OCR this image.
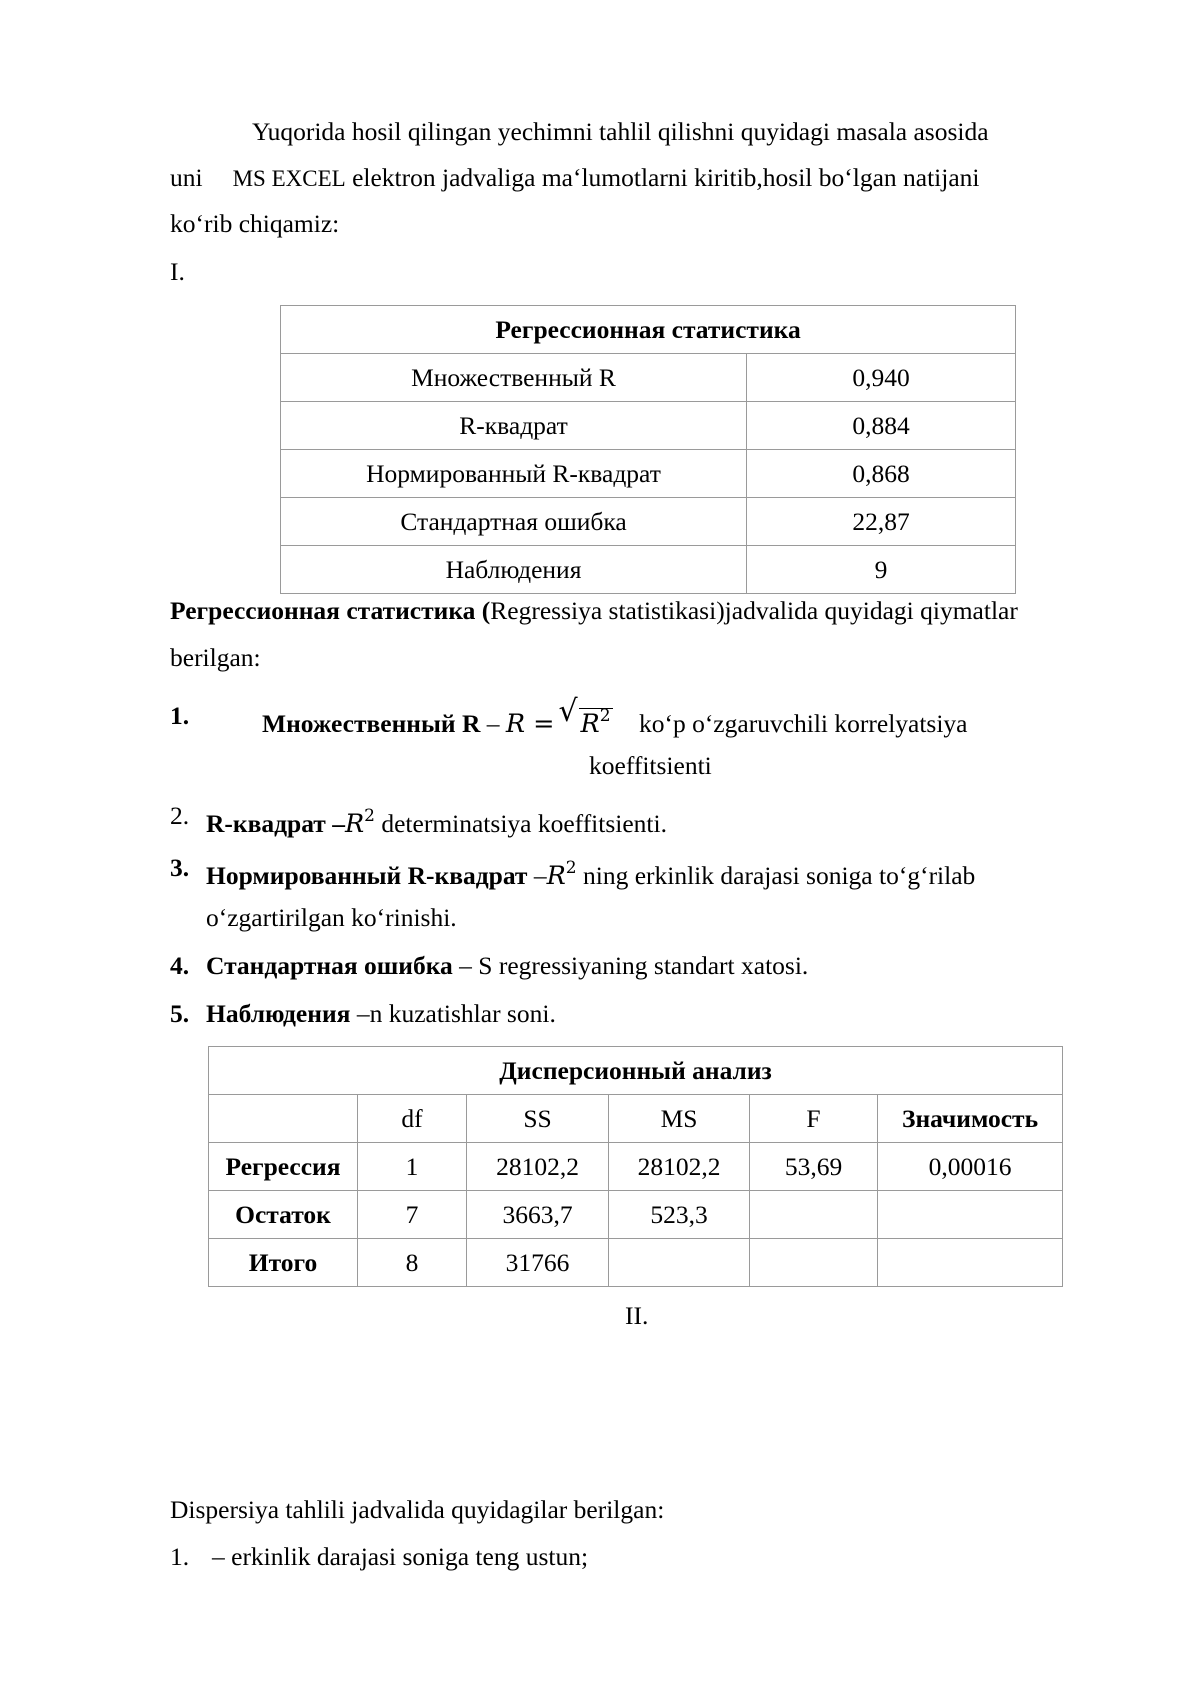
Yuqorida hosil qilingan yechimni tahlil qilishni quyidagi masala asosida
uni MS EXCEL elektron jadvaliga ma‘lumotlarni kiritib,hosil bo‘lgan natijani
ko‘rib chiqamiz:
I.
Регрессионная статистика	
Множественный R	0,940
R-квадрат	0,884
Нормированный R-квадрат	0,868
Стандартная ошибка	22,87
Наблюдения	9
Регрессионная статистика (Regressiya statistikasi)jadvalida quyidagi qiymatlar
berilgan:
1.	Множественный R – R = √ $R^2$ ko‘p o‘zgaruvchili korrelyatsiya
koeffitsienti
2. R-квадрат $-R^2$ determinatsiya koeffitsienti.
3. Нормированный R-квадрат $-R^2$ ning erkinlik darajasi soniga to‘g‘rilab
o‘zgartirilgan ko‘rinishi.
4. Стандартная ошибка – S regressiyaning standart xatosi.
5. Наблюдения –n kuzatishlar soni.
Дисперсионный анализ					
	df	SS	MS	F	Значимость
Регрессия	1	28102,2	28102,2	53,69	0,00016
Остаток	7	3663,7	523,3		
Итого	8	31766			
II.
Dispersiya tahlili jadvalida quyidagilar berilgan:
1. – erkinlik darajasi soniga teng ustun;
